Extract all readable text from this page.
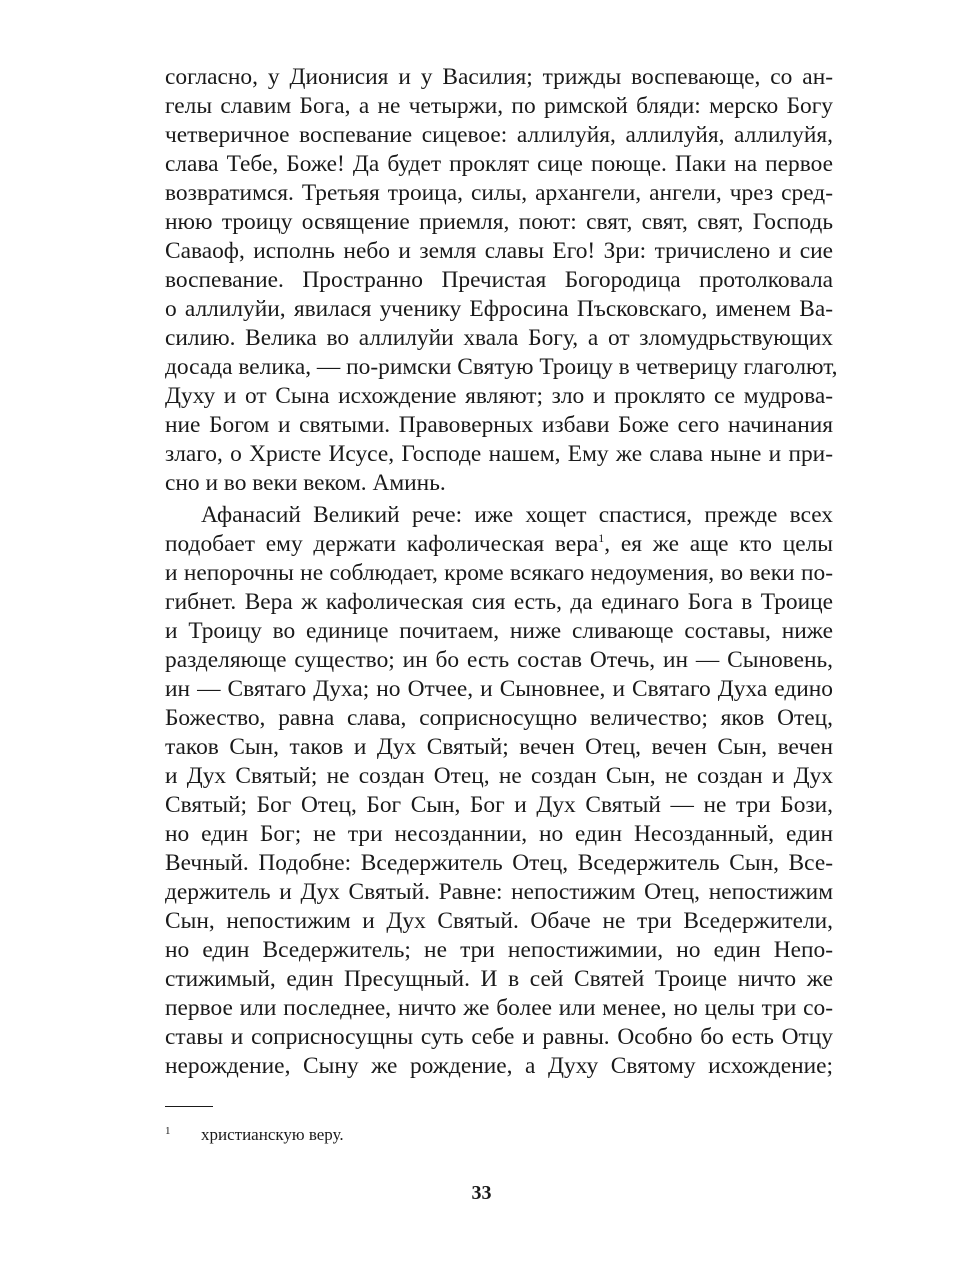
согласно, у Дионисия и у Василия; трижды воспевающе, со ан-
гелы славим Бога, а не четыржи, по римской бляди: мерско Богу
четверичное воспевание сицевое: аллилуйя, аллилуйя, аллилуйя,
слава Тебе, Боже! Да будет проклят сице поюще. Паки на первое
возвратимся. Третьяя троица, силы, архангели, ангели, чрез сред-
нюю троицу освящение приемля, поют: свят, свят, свят, Господь
Саваоф, исполнь небо и земля славы Его! Зри: тричислено и сие
воспевание. Пространно Пречистая Богородица протолковала
о аллилуйи, явилася ученику Ефросина Пъсковскаго, именем Ва-
силию. Велика во аллилуйи хвала Богу, а от зломудрьствующих
досада велика, — по-римски Святую Троицу в четверицу глаголют,
Духу и от Сына исхождение являют; зло и проклято се мудрова-
ние Богом и святыми. Правоверных избави Боже сего начинания
злаго, о Христе Исусе, Господе нашем, Ему же слава ныне и при-
сно и во веки веком. Аминь.
Афанасий Великий рече: иже хощет спастися, прежде всех
подобает ему держати кафолическая вера$^1$, ея же аще кто целы
и непорочны не соблюдает, кроме всякаго недоумения, во веки по-
гибнет. Вера ж кафолическая сия есть, да единаго Бога в Троице
и Троицу во единице почитаем, ниже сливающе составы, ниже
разделяюще существо; ин бо есть состав Отечь, ин — Сыновень,
ин — Святаго Духа; но Отчее, и Сыновнее, и Святаго Духа едино
Божество, равна слава, соприсносущно величество; яков Отец,
таков Сын, таков и Дух Святый; вечен Отец, вечен Сын, вечен
и Дух Святый; не создан Отец, не создан Сын, не создан и Дух
Святый; Бог Отец, Бог Сын, Бог и Дух Святый — не три Бози,
но един Бог; не три несозданнии, но един Несозданный, един
Вечный. Подобне: Вседержитель Отец, Вседержитель Сын, Все-
держитель и Дух Святый. Равне: непостижим Отец, непостижим
Сын, непостижим и Дух Святый. Обаче не три Вседержители,
но един Вседержитель; не три непостижимии, но един Непо-
стижимый, един Пресущный. И в сей Святей Троице ничто же
первое или последнее, ничто же более или менее, но целы три со-
ставы и соприсносущны суть себе и равны. Особно бо есть Отцу
нерождение, Сыну же рождение, а Духу Святому исхождение;
1 христианскую веру.
33
